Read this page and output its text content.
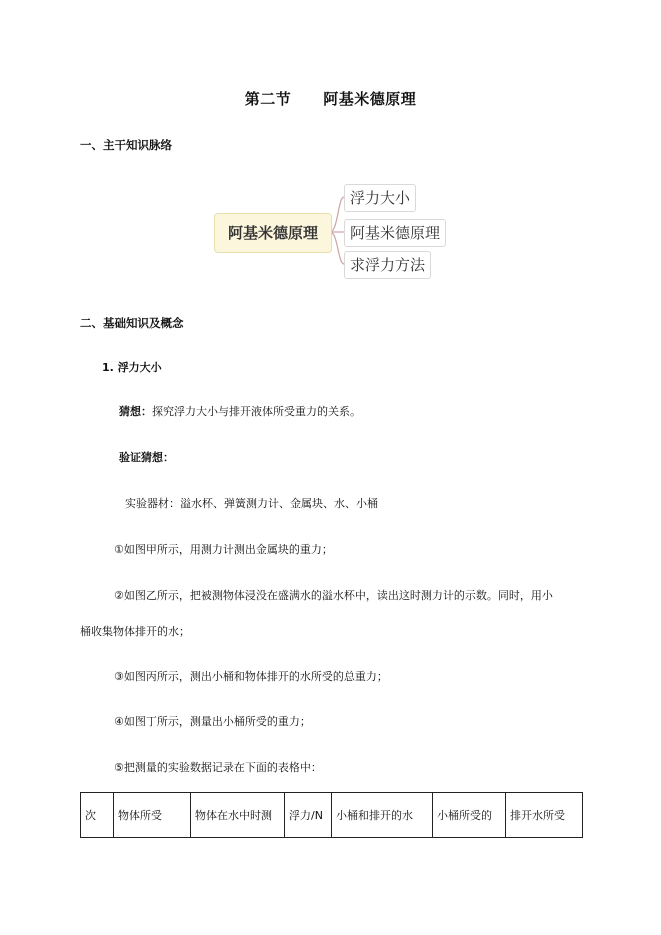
第二节 阿基米德原理
一、主干知识脉络
阿基米德原理
浮力大小
阿基米德原理
求浮力方法
二、基础知识及概念
1. 浮力大小
猜想：探究浮力大小与排开液体所受重力的关系。
验证猜想：
实验器材：溢水杯、弹簧测力计、金属块、水、小桶
①如图甲所示，用测力计测出金属块的重力；
②如图乙所示，把被测物体浸没在盛满水的溢水杯中，读出这时测力计的示数。同时，用小
桶收集物体排开的水；
③如图丙所示，测出小桶和物体排开的水所受的总重力；
④如图丁所示，测量出小桶所受的重力；
⑤把测量的实验数据记录在下面的表格中：
次	物体所受	物体在水中时测	浮力/N	小桶和排开的水	小桶所受的	排开水所受
